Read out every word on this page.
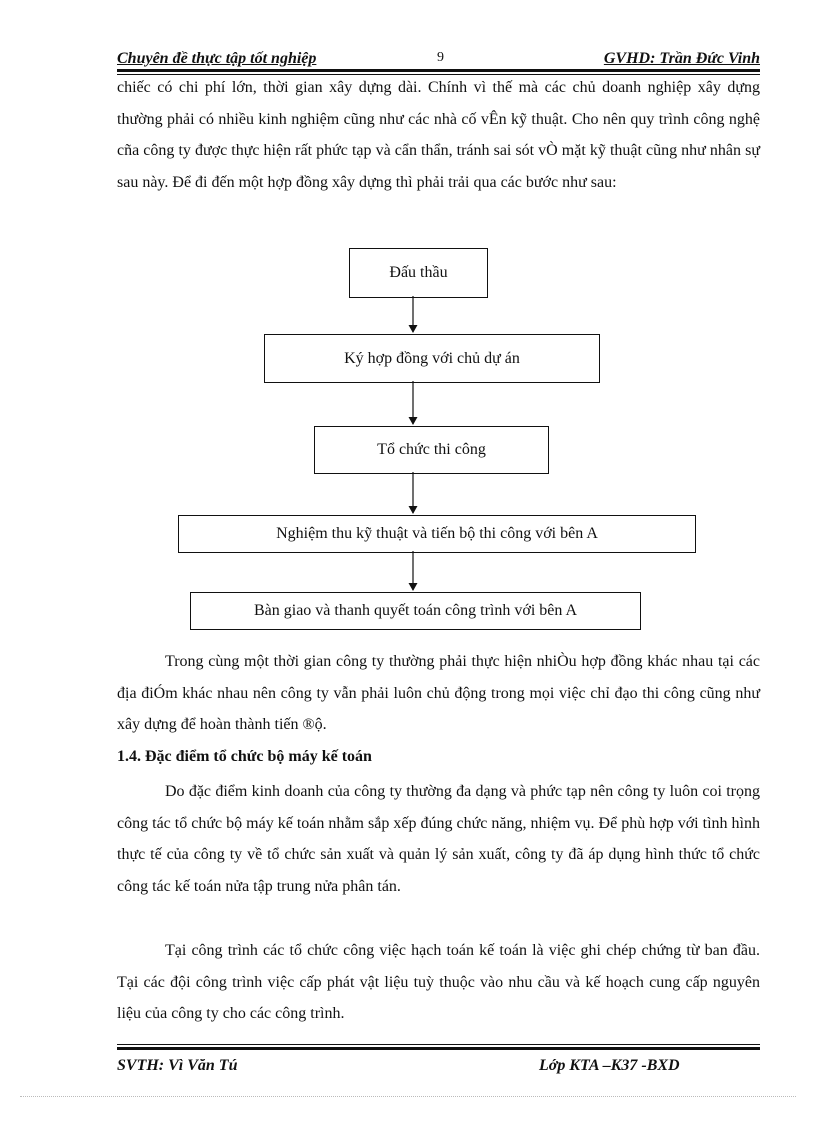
Chuyên đề thực tập tốt nghiệp	9	GVHD: Trần Đức Vinh
chiếc có chi phí lớn, thời gian xây dựng dài. Chính vì thế mà các chủ doanh nghiệp xây dựng thường phải có nhiều kinh nghiệm cũng như các nhà cố vÊn kỹ thuật. Cho nên quy trình công nghệ cña công ty được thực hiện rất phức tạp và cẩn thẩn, tránh sai sót vÒ mặt kỹ thuật cũng như nhân sự sau này. Để đi đến một hợp đồng xây dựng thì phải trải qua các bước như sau:
Đấu thầu
Ký hợp đồng với chủ dự án
Tổ chức thi công
Nghiệm thu kỹ thuật và tiến bộ thi công với bên A
Bàn giao và thanh quyết toán công trình với bên A
Trong cùng một thời gian công ty thường phải thực hiện nhiÒu hợp đồng khác nhau tại các địa điÓm khác nhau nên công ty vẫn phải luôn chủ động trong mọi việc chỉ đạo thi công cũng như xây dựng để hoàn thành tiến ®ộ.
1.4. Đặc điểm tổ chức bộ máy kế toán
Do đặc điểm kinh doanh của công ty thường đa dạng và phức tạp nên công ty luôn coi trọng công tác tổ chức bộ máy kế toán nhằm sắp xếp đúng chức năng, nhiệm vụ. Để phù hợp với tình hình thực tế của công ty về tổ chức sản xuất và quản lý sản xuất, công ty đã áp dụng hình thức tổ chức công tác kế toán nửa tập trung nửa phân tán.
Tại công trình các tổ chức công việc hạch toán kế toán là việc ghi chép chứng từ ban đầu. Tại các đội công trình việc cấp phát vật liệu tuỳ thuộc vào nhu cầu và kế hoạch cung cấp nguyên liệu của công ty cho các công trình.
SVTH: Vì Văn Tú	Lớp KTA –K37 -BXD
